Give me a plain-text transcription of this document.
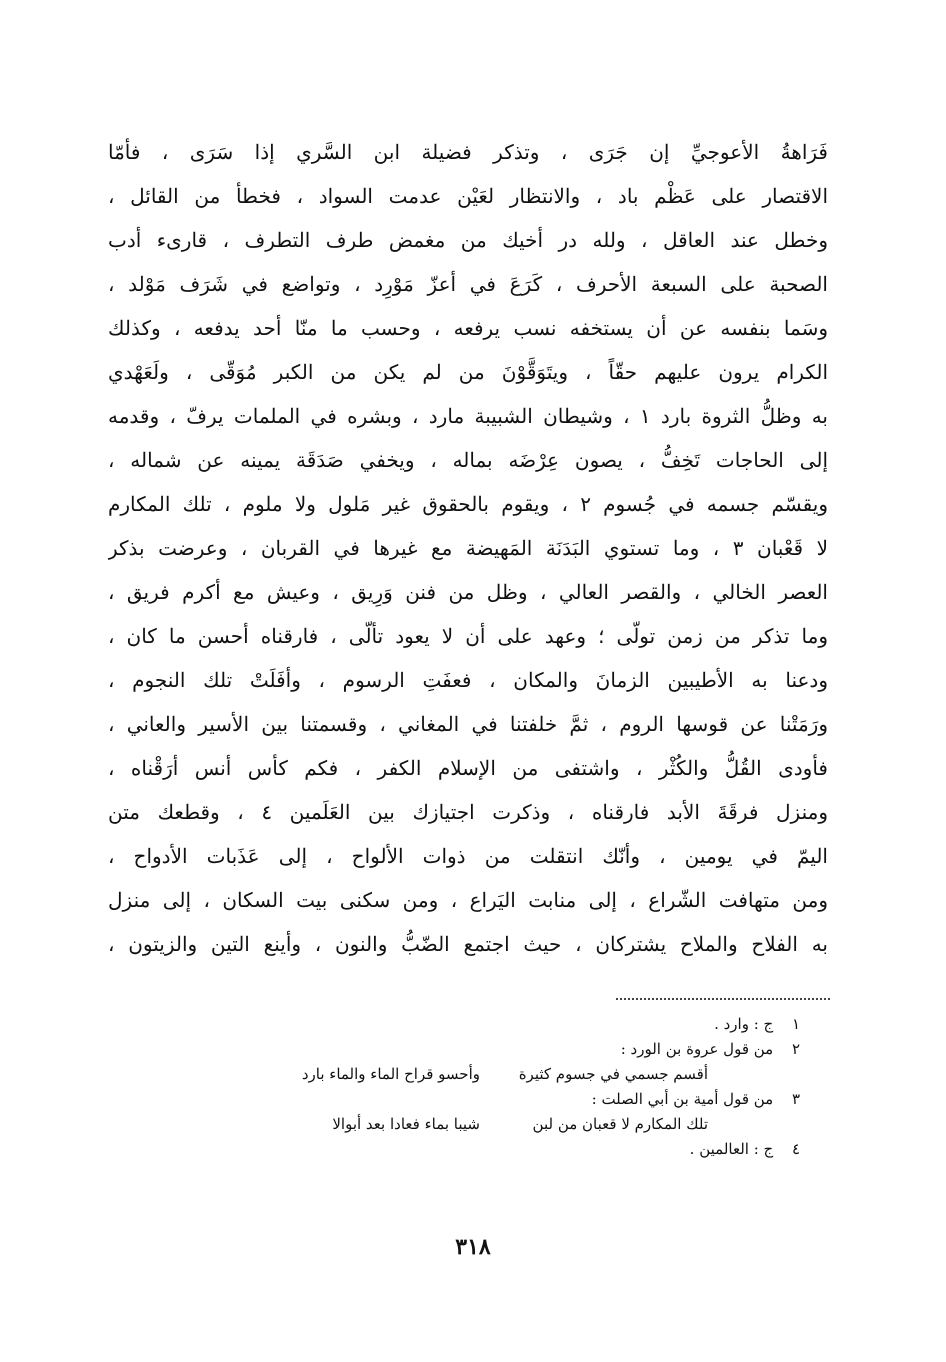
فَرَاهةُ الأعوجيِّ إن جَرَى ، وتذكر فضيلة ابن السَّري إذا سَرَى ، فأمّا
الاقتصار على عَظْم باد ، والانتظار لعَيْن عدمت السواد ، فخطأ من القائل ،
وخطل عند العاقل ، ولله در أخيك من مغمض طرف التطرف ، قارىء أدب
الصحبة على السبعة الأحرف ، كَرَعَ في أعزّ مَوْرِد ، وتواضع في شَرَف مَوْلد ،
وسَما بنفسه عن أن يستخفه نسب يرفعه ، وحسب ما منّا أحد يدفعه ، وكذلك
الكرام يرون عليهم حقّاً ، ويتَوَقَّوْنَ من لم يكن من الكبر مُوَقّى ، ولَعَهْدي
به وظلُّ الثروة بارد ١ ، وشيطان الشبيبة مارد ، وبشره في الملمات يرفّ ، وقدمه
إلى الحاجات تَخِفُّ ، يصون عِرْضَه بماله ، ويخفي صَدَقَة يمينه عن شماله ،
ويقسّم جسمه في جُسوم ٢ ، ويقوم بالحقوق غير مَلول ولا ملوم ، تلك المكارم
لا قَعْبان ٣ ، وما تستوي البَدَنَة المَهيضة مع غيرها في القربان ، وعرضت بذكر
العصر الخالي ، والقصر العالي ، وظل من فنن وَرِيق ، وعيش مع أكرم فريق ،
وما تذكر من زمن تولّى ؛ وعهد على أن لا يعود تألّى ، فارقناه أحسن ما كان ،
ودعنا به الأطيبين الزمانَ والمكان ، فعفَتِ الرسوم ، وأفَلَتْ تلك النجوم ،
ورَمَتْنا عن قوسها الروم ، ثمَّ خلفتنا في المغاني ، وقسمتنا بين الأسير والعاني ،
فأودى القُلُّ والكُثْر ، واشتفى من الإسلام الكفر ، فكم كأس أنس أرَقْناه ،
ومنزل فرقَةَ الأبد فارقناه ، وذكرت اجتيازك بين العَلَمين ٤ ، وقطعك متن
اليمّ في يومين ، وأنّك انتقلت من ذوات الألواح ، إلى عَذَبات الأدواح ،
ومن متهافت الشّراع ، إلى منابت اليَراع ، ومن سكنى بيت السكان ، إلى منزل
به الفلاح والملاح يشتركان ، حيث اجتمع الضّبُّ والنون ، وأينع التين والزيتون ،
١ ج : وارد .
٢ من قول عروة بن الورد :
أقسم جسمي في جسوم كثيرة
وأحسو قراح الماء والماء بارد
٣ من قول أمية بن أبي الصلت :
تلك المكارم لا قعبان من لبن
شيبا بماء فعادا بعد أبوالا
٤ ج : العالمين .
٣١٨
